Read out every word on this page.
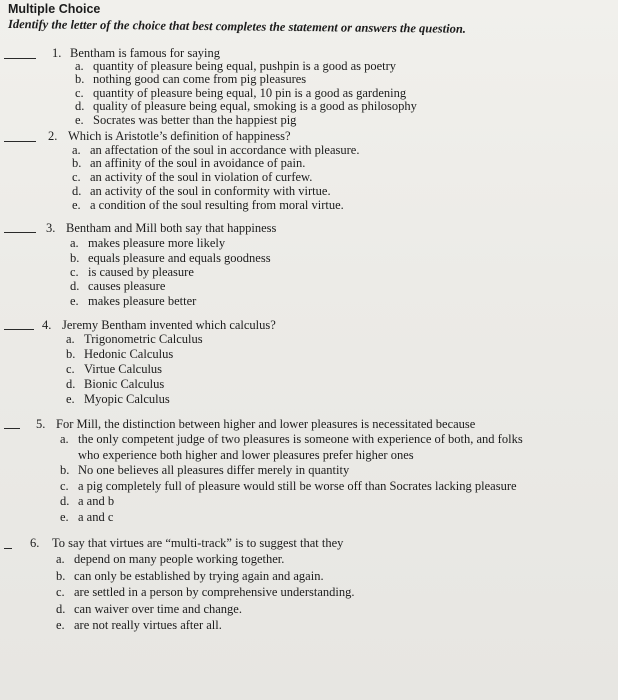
Multiple Choice
Identify the letter of the choice that best completes the statement or answers the question.
1. Bentham is famous for saying
a. quantity of pleasure being equal, pushpin is a good as poetry
b. nothing good can come from pig pleasures
c. quantity of pleasure being equal, 10 pin is a good as gardening
d. quality of pleasure being equal, smoking is a good as philosophy
e. Socrates was better than the happiest pig
2. Which is Aristotle’s definition of happiness?
a. an affectation of the soul in accordance with pleasure.
b. an affinity of the soul in avoidance of pain.
c. an activity of the soul in violation of curfew.
d. an activity of the soul in conformity with virtue.
e. a condition of the soul resulting from moral virtue.
3. Bentham and Mill both say that happiness
a. makes pleasure more likely
b. equals pleasure and equals goodness
c. is caused by pleasure
d. causes pleasure
e. makes pleasure better
4. Jeremy Bentham invented which calculus?
a. Trigonometric Calculus
b. Hedonic Calculus
c. Virtue Calculus
d. Bionic Calculus
e. Myopic Calculus
5. For Mill, the distinction between higher and lower pleasures is necessitated because
a. the only competent judge of two pleasures is someone with experience of both, and folks
who experience both higher and lower pleasures prefer higher ones
b. No one believes all pleasures differ merely in quantity
c. a pig completely full of pleasure would still be worse off than Socrates lacking pleasure
d. a and b
e. a and c
6. To say that virtues are “multi-track” is to suggest that they
a. depend on many people working together.
b. can only be established by trying again and again.
c. are settled in a person by comprehensive understanding.
d. can waiver over time and change.
e. are not really virtues after all.
